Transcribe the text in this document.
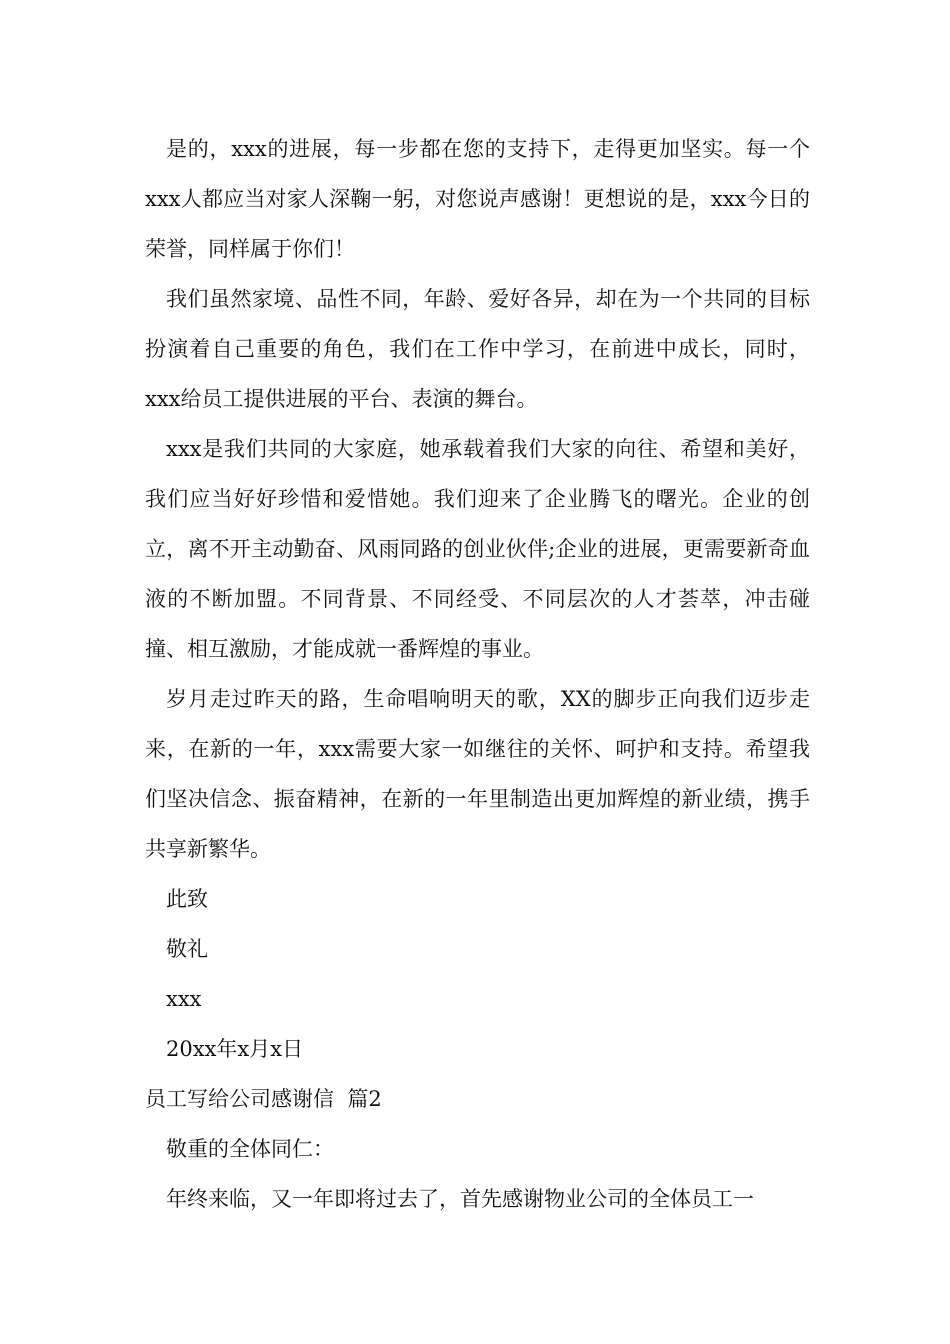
是的，xxx的进展，每一步都在您的支持下，走得更加坚实。每一个xxx人都应当对家人深鞠一躬，对您说声感谢！更想说的是，xxx今日的荣誉，同样属于你们！

我们虽然家境、品性不同，年龄、爱好各异，却在为一个共同的目标扮演着自己重要的角色，我们在工作中学习，在前进中成长，同时，xxx给员工提供进展的平台、表演的舞台。

xxx是我们共同的大家庭，她承载着我们大家的向往、希望和美好，我们应当好好珍惜和爱惜她。我们迎来了企业腾飞的曙光。企业的创立，离不开主动勤奋、风雨同路的创业伙伴;企业的进展，更需要新奇血液的不断加盟。不同背景、不同经受、不同层次的人才荟萃，冲击碰撞、相互激励，才能成就一番辉煌的事业。

岁月走过昨天的路，生命唱响明天的歌，XX的脚步正向我们迈步走来，在新的一年，xxx需要大家一如继往的关怀、呵护和支持。希望我们坚决信念、振奋精神，在新的一年里制造出更加辉煌的新业绩，携手共享新繁华。

此致
敬礼
xxx
20xx年x月x日
员工写给公司感谢信  篇2
敬重的全体同仁：
年终来临，又一年即将过去了，首先感谢物业公司的全体员工一
